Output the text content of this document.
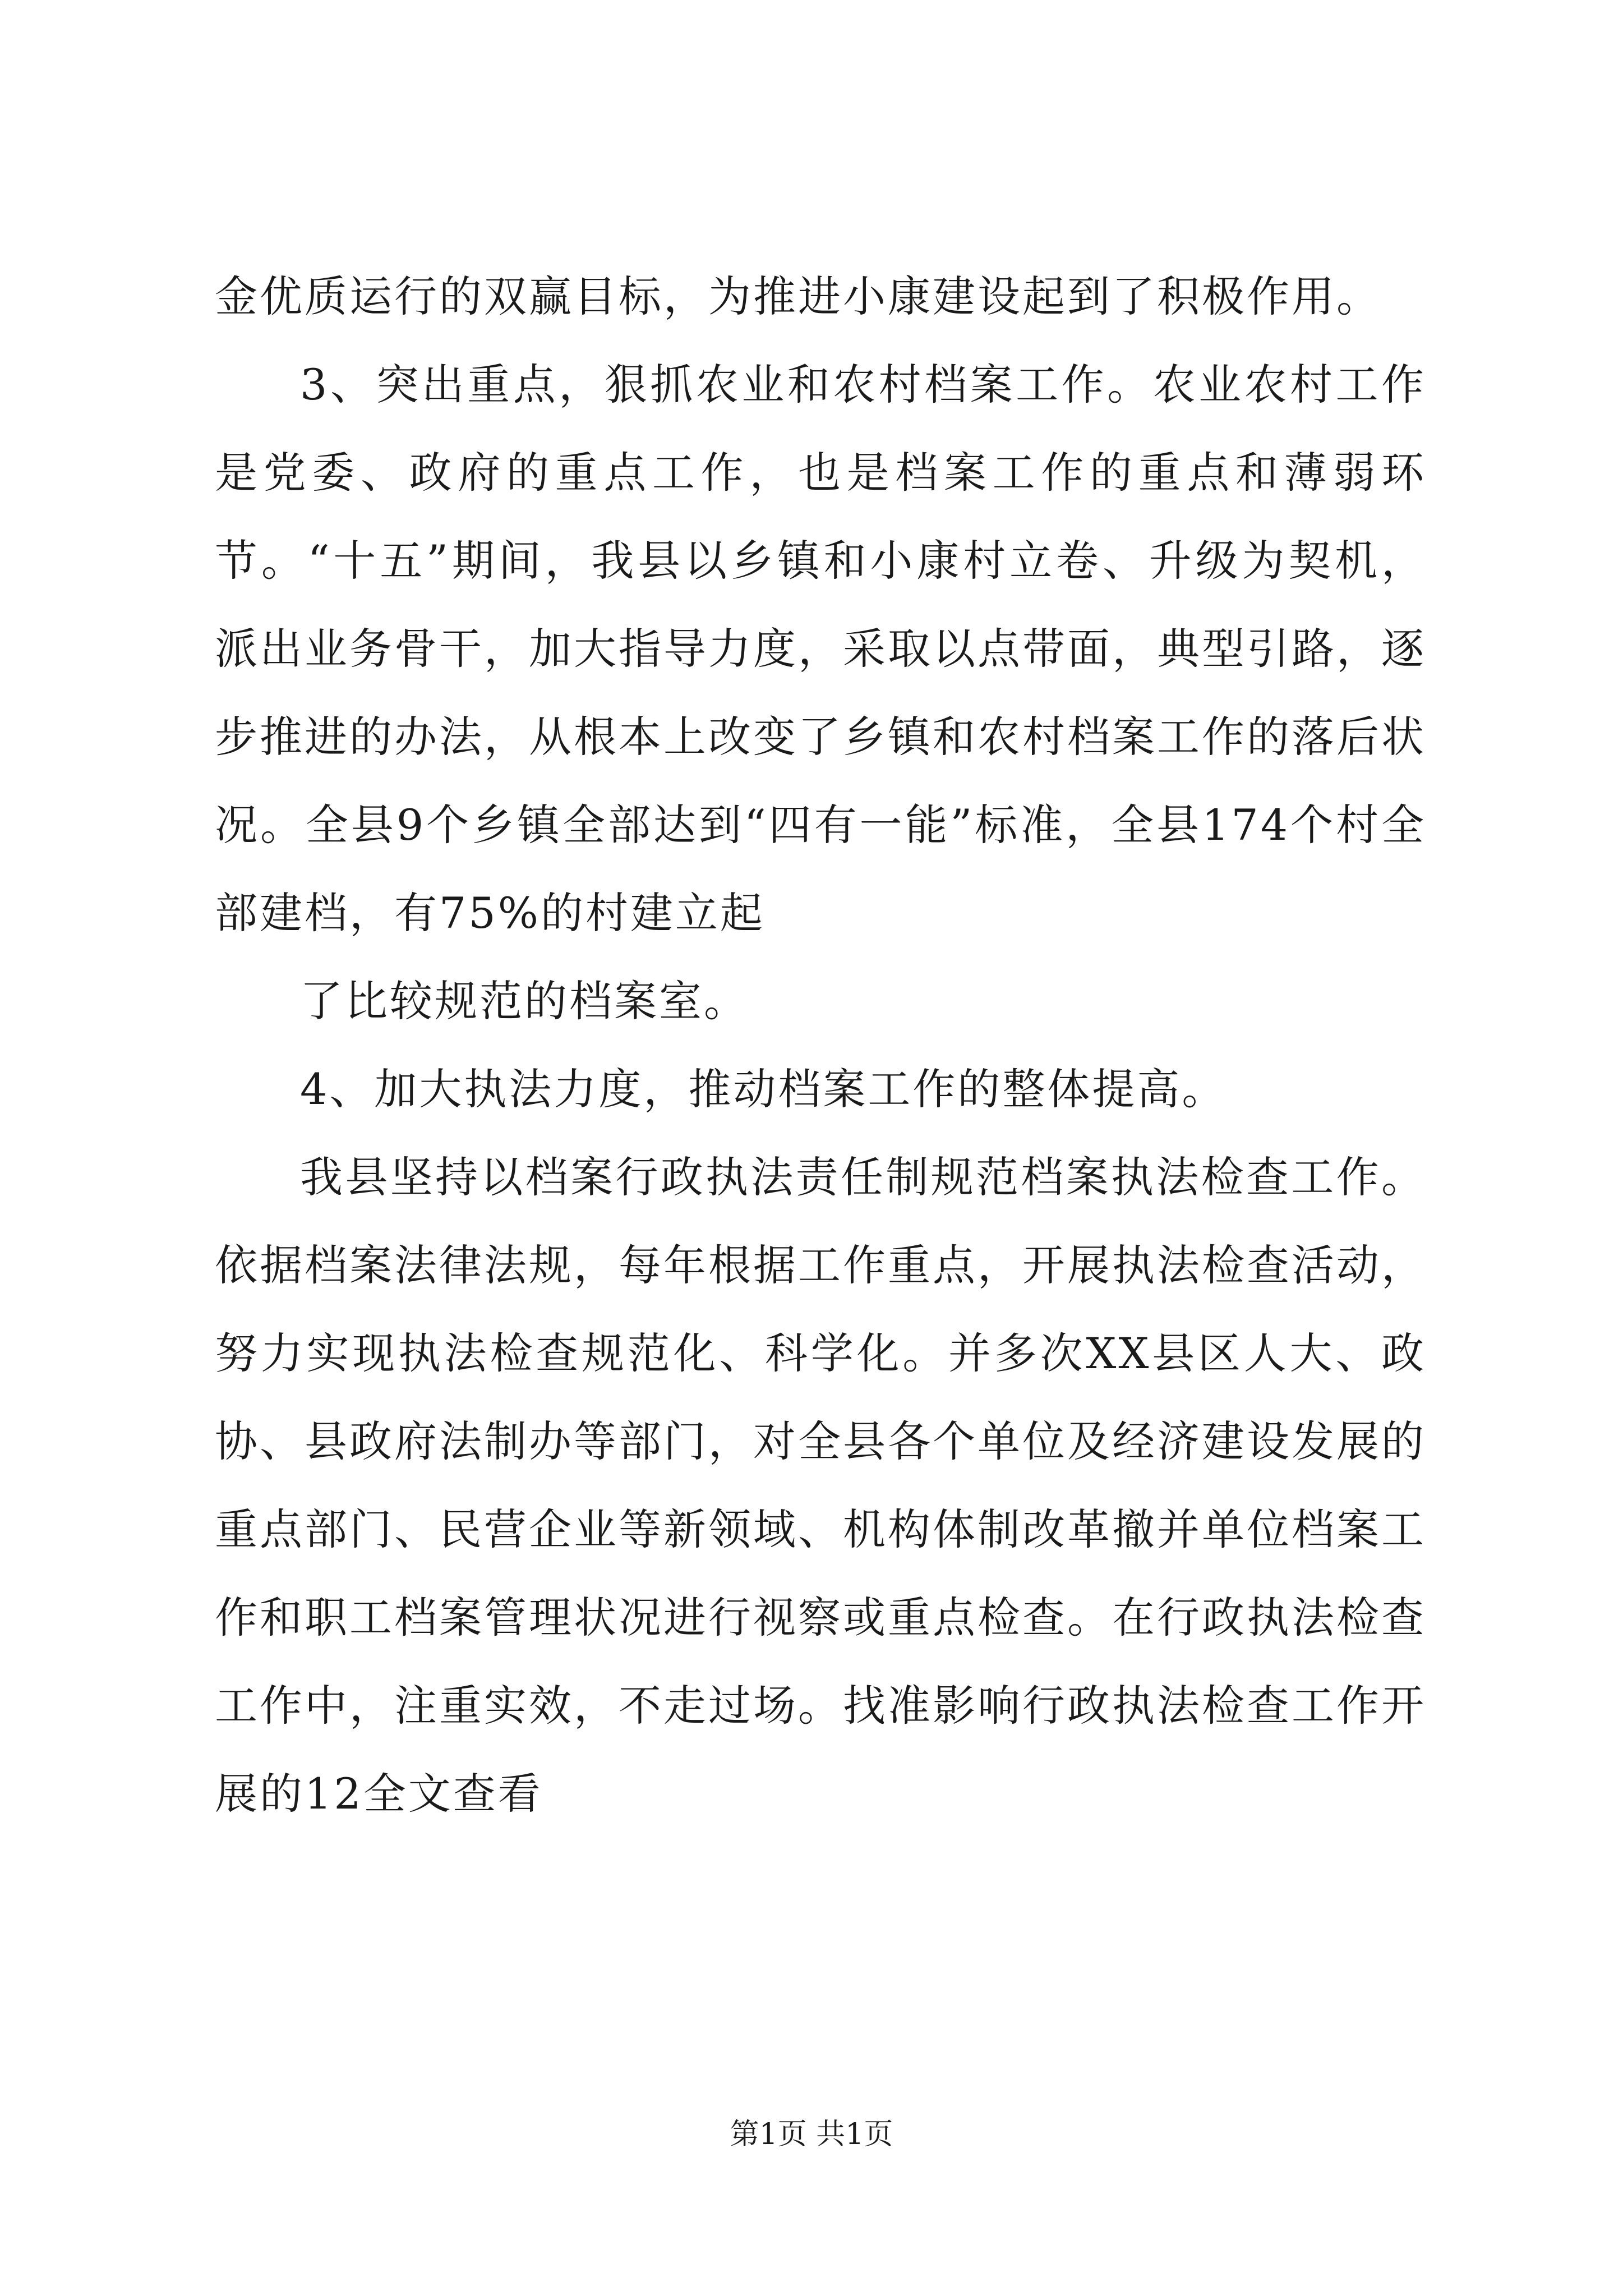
金优质运行的双赢目标，为推进小康建设起到了积极作用。

3、突出重点，狠抓农业和农村档案工作。农业农村工作是党委、政府的重点工作，也是档案工作的重点和薄弱环节。“十五”期间，我县以乡镇和小康村立卷、升级为契机，派出业务骨干，加大指导力度，采取以点带面，典型引路，逐步推进的办法，从根本上改变了乡镇和农村档案工作的落后状况。全县9个乡镇全部达到“四有一能”标准，全县174个村全部建档，有75%的村建立起

了比较规范的档案室。

4、加大执法力度，推动档案工作的整体提高。

我县坚持以档案行政执法责任制规范档案执法检查工作。依据档案法律法规，每年根据工作重点，开展执法检查活动，努力实现执法检查规范化、科学化。并多次XX县区人大、政协、县政府法制办等部门，对全县各个单位及经济建设发展的重点部门、民营企业等新领域、机构体制改革撤并单位档案工作和职工档案管理状况进行视察或重点检查。在行政执法检查工作中，注重实效，不走过场。找准影响行政执法检查工作开展的12全文查看

第1页 共1页
